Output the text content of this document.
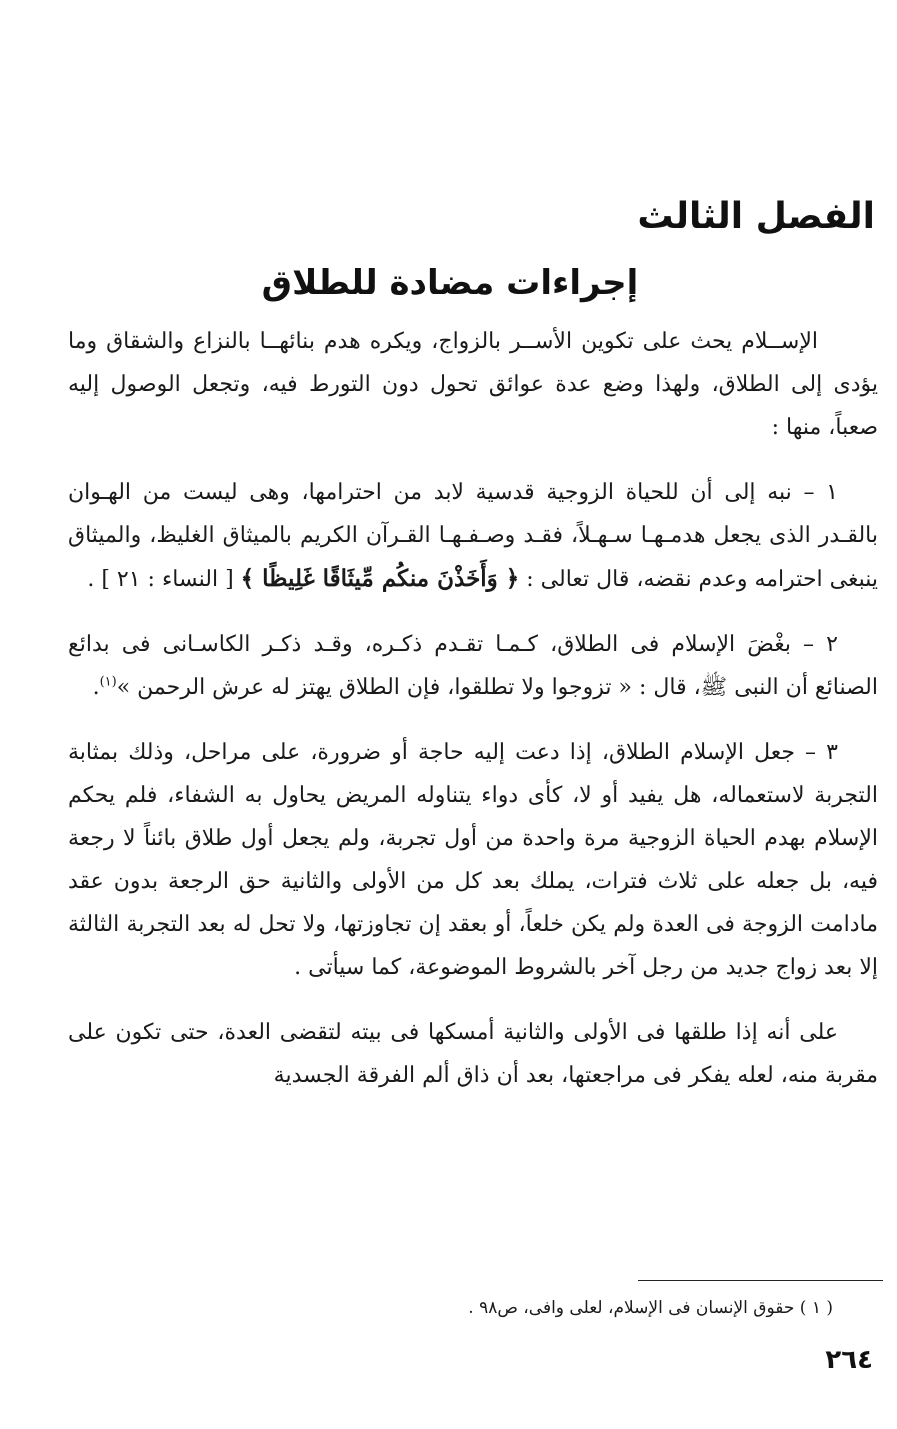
الفصل الثالث
إجراءات مضادة للطلاق

الإســلام يحث على تكوين الأســر بالزواج، ويكره هدم بنائهــا بالنزاع والشقاق وما يؤدى إلى الطلاق، ولهذا وضع عدة عوائق تحول دون التورط فيه، وتجعل الوصول إليه صعباً، منها :

١ – نبه إلى أن للحياة الزوجية قدسية لابد من احترامها، وهى ليست من الهـوان بالقـدر الذى يجعل هدمـهـا سـهـلاً، فقـد وصـفـهـا القـرآن الكريم بالميثاق الغليظ، والميثاق ينبغى احترامه وعدم نقضه، قال تعالى : ﴿ وَأَخَذْنَ منكُم مِّيثَاقًا غَلِيظًا ﴾ [ النساء : ٢١ ] .

٢ – بغْضَ الإسلام فى الطلاق، كـمـا تقـدم ذكـره، وقـد ذكـر الكاسـانى فى بدائع الصنائع أن النبى ﷺ، قال : « تزوجوا ولا تطلقوا، فإن الطلاق يهتز له عرش الرحمن »$^{(١)}$.

٣ – جعل الإسلام الطلاق، إذا دعت إليه حاجة أو ضرورة، على مراحل، وذلك بمثابة التجربة لاستعماله، هل يفيد أو لا، كأى دواء يتناوله المريض يحاول به الشفاء، فلم يحكم الإسلام بهدم الحياة الزوجية مرة واحدة من أول تجربة، ولم يجعل أول طلاق بائناً لا رجعة فيه، بل جعله على ثلاث فترات، يملك بعد كل من الأولى والثانية حق الرجعة بدون عقد مادامت الزوجة فى العدة ولم يكن خلعاً، أو بعقد إن تجاوزتها، ولا تحل له بعد التجربة الثالثة إلا بعد زواج جديد من رجل آخر بالشروط الموضوعة، كما سيأتى .

على أنه إذا طلقها فى الأولى والثانية أمسكها فى بيته لتقضى العدة، حتى تكون على مقربة منه، لعله يفكر فى مراجعتها، بعد أن ذاق ألم الفرقة الجسدية

( ١ ) حقوق الإنسان فى الإسلام، لعلى وافى، ص٩٨ .
٢٦٤
